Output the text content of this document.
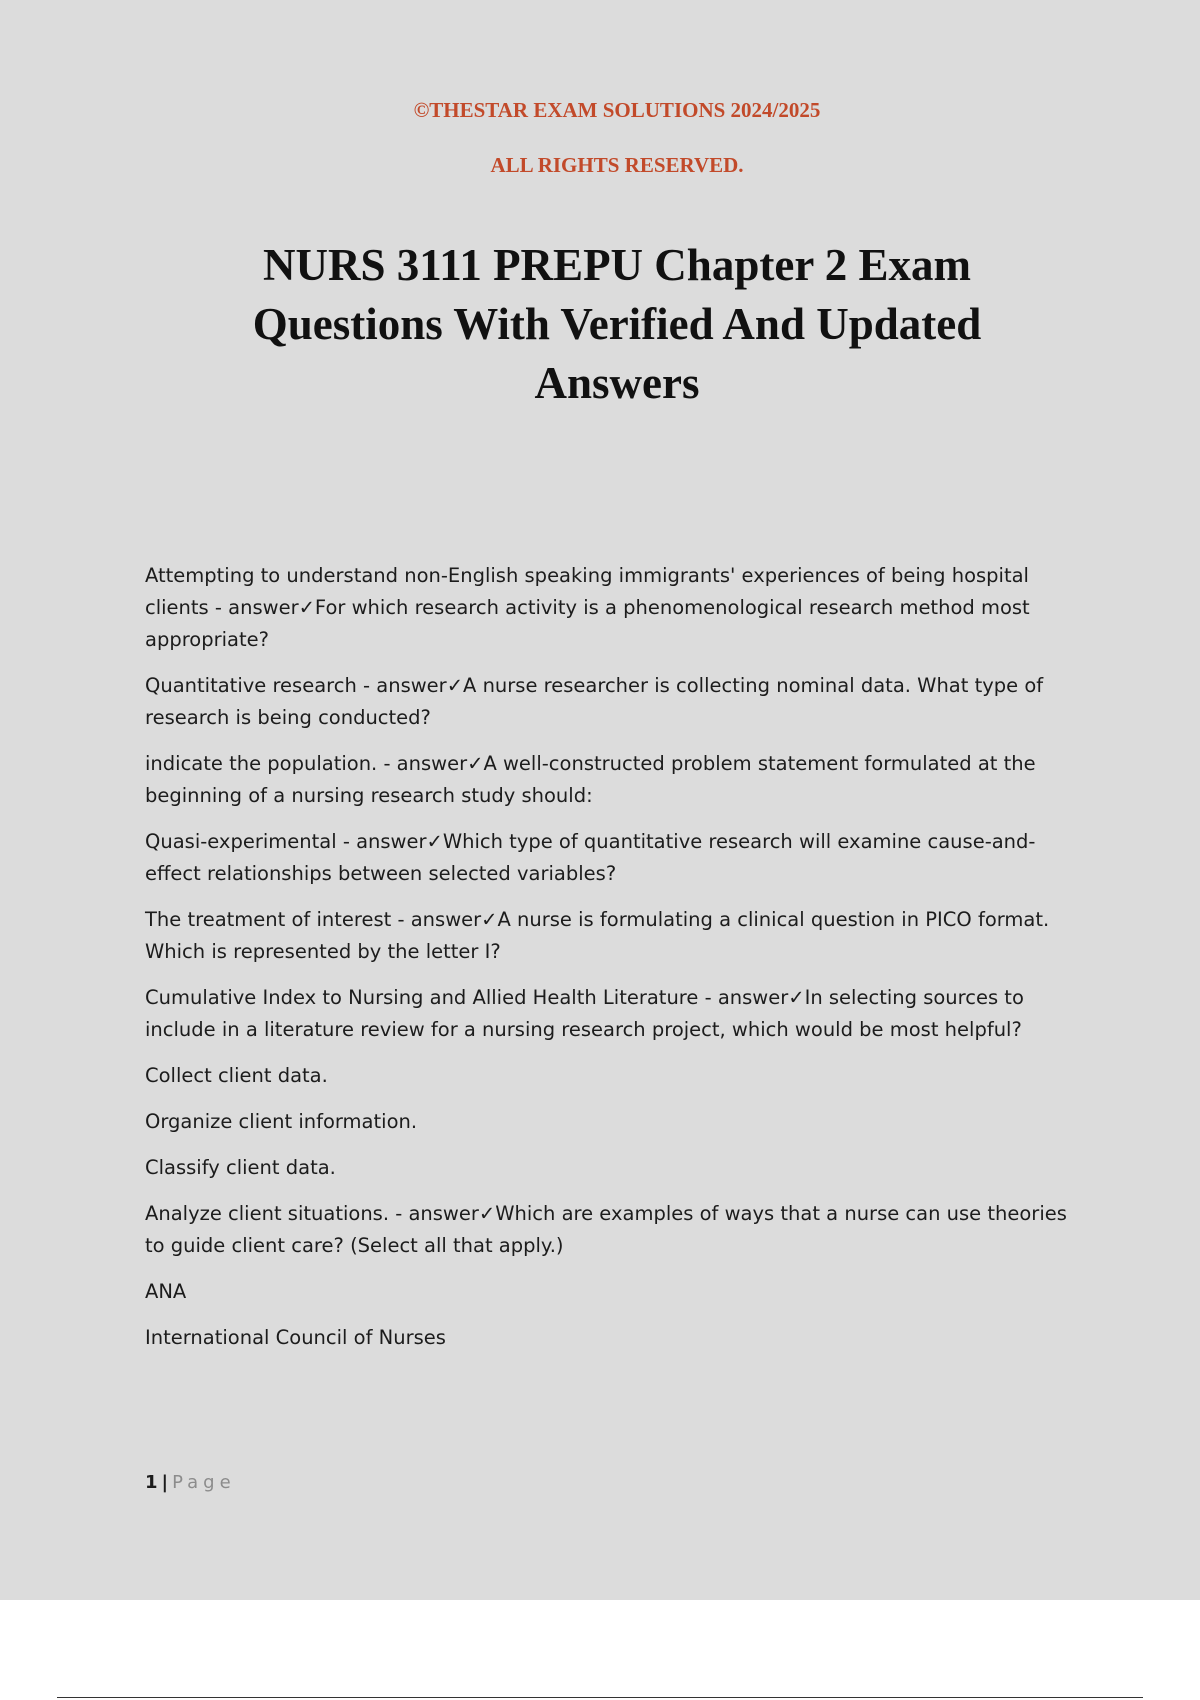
©THESTAR EXAM SOLUTIONS 2024/2025

ALL RIGHTS RESERVED.

NURS 3111 PREPU Chapter 2 Exam Questions With Verified And Updated Answers

Attempting to understand non-English speaking immigrants' experiences of being hospital clients - answer✓For which research activity is a phenomenological research method most appropriate?

Quantitative research - answer✓A nurse researcher is collecting nominal data. What type of research is being conducted?

indicate the population. - answer✓A well-constructed problem statement formulated at the beginning of a nursing research study should:

Quasi-experimental - answer✓Which type of quantitative research will examine cause-and-effect relationships between selected variables?

The treatment of interest - answer✓A nurse is formulating a clinical question in PICO format. Which is represented by the letter I?

Cumulative Index to Nursing and Allied Health Literature - answer✓In selecting sources to include in a literature review for a nursing research project, which would be most helpful?

Collect client data.

Organize client information.

Classify client data.

Analyze client situations. - answer✓Which are examples of ways that a nurse can use theories to guide client care? (Select all that apply.)

ANA

International Council of Nurses

1 | Page
